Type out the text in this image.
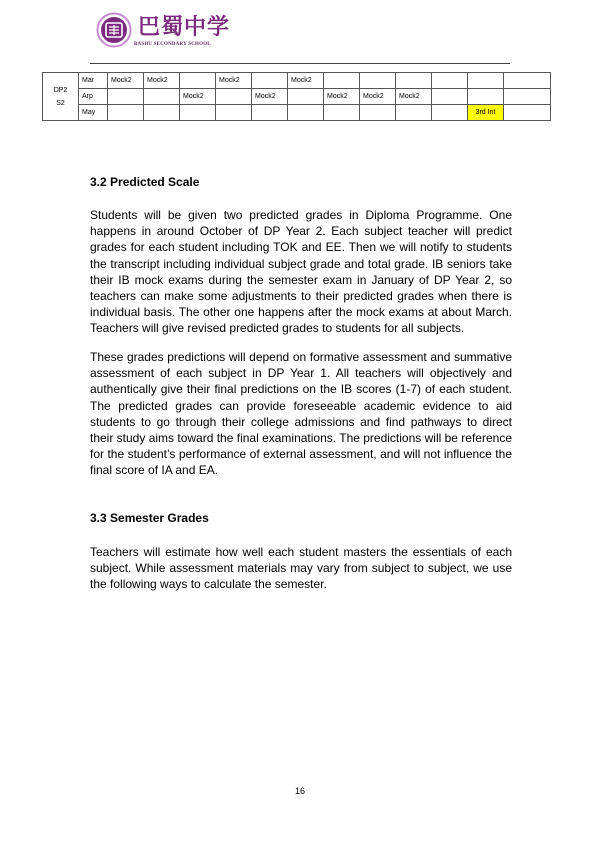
巴蜀中学
BASHU SECONDARY SCHOOL
DP2
S2	Mar	Mock2	Mock2		Mock2		Mock2						
	Arp			Mock2		Mock2		Mock2	Mock2	Mock2			
	May											3rd Int	
3.2 Predicted Scale

Students will be given two predicted grades in Diploma Programme. One happens in around October of DP Year 2. Each subject teacher will predict grades for each student including TOK and EE. Then we will notify to students the transcript including individual subject grade and total grade. IB seniors take their IB mock exams during the semester exam in January of DP Year 2, so teachers can make some adjustments to their predicted grades when there is individual basis. The other one happens after the mock exams at about March. Teachers will give revised predicted grades to students for all subjects.

These grades predictions will depend on formative assessment and summative assessment of each subject in DP Year 1. All teachers will objectively and authentically give their final predictions on the IB scores (1-7) of each student. The predicted grades can provide foreseeable academic evidence to aid students to go through their college admissions and find pathways to direct their study aims toward the final examinations. The predictions will be reference for the student’s performance of external assessment, and will not influence the final score of IA and EA.

3.3 Semester Grades

Teachers will estimate how well each student masters the essentials of each subject. While assessment materials may vary from subject to subject, we use the following ways to calculate the semester.

16
